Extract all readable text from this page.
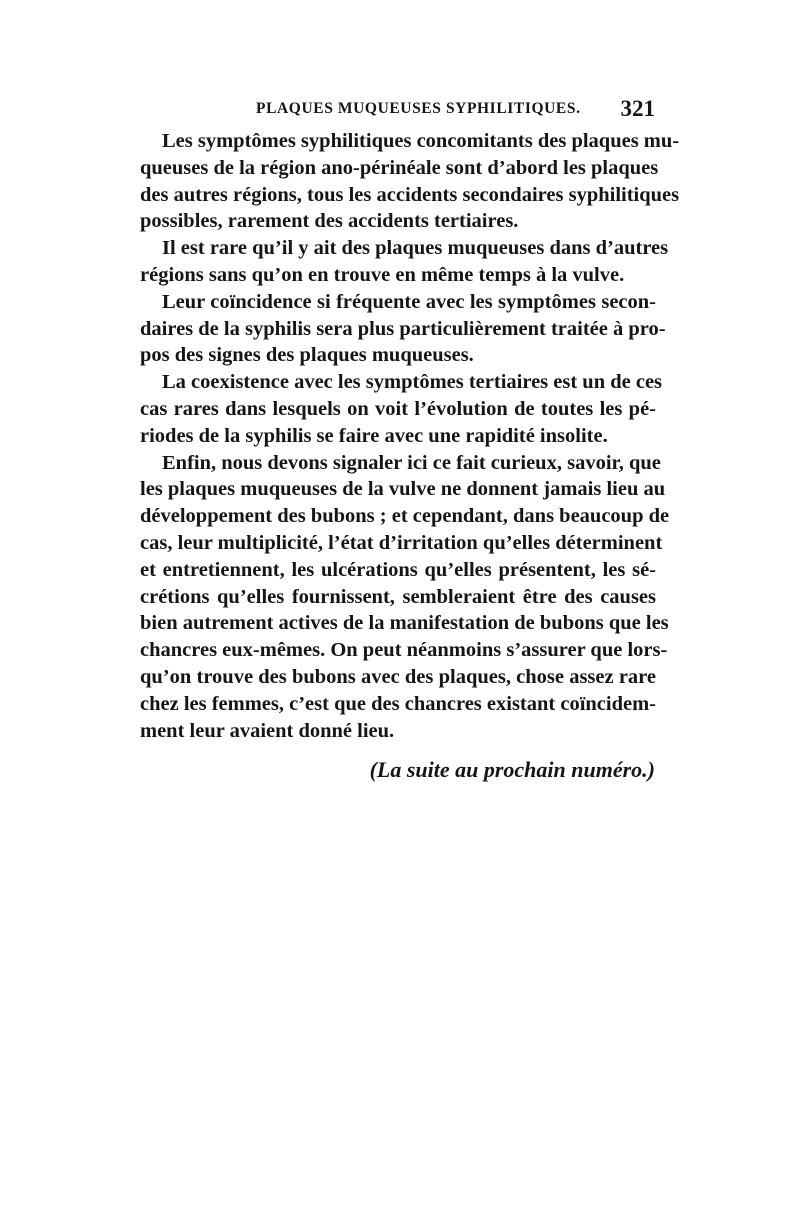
PLAQUES MUQUEUSES SYPHILITIQUES. 321
Les symptômes syphilitiques concomitants des plaques mu-
queuses de la région ano-périnéale sont d’abord les plaques
des autres régions, tous les accidents secondaires syphilitiques
possibles, rarement des accidents tertiaires.
Il est rare qu’il y ait des plaques muqueuses dans d’autres
régions sans qu’on en trouve en même temps à la vulve.
Leur coïncidence si fréquente avec les symptômes secon-
daires de la syphilis sera plus particulièrement traitée à pro-
pos des signes des plaques muqueuses.
La coexistence avec les symptômes tertiaires est un de ces
cas rares dans lesquels on voit l’évolution de toutes les pé-
riodes de la syphilis se faire avec une rapidité insolite.
Enfin, nous devons signaler ici ce fait curieux, savoir, que
les plaques muqueuses de la vulve ne donnent jamais lieu au
développement des bubons ; et cependant, dans beaucoup de
cas, leur multiplicité, l’état d’irritation qu’elles déterminent
et entretiennent, les ulcérations qu’elles présentent, les sé-
crétions qu’elles fournissent, sembleraient être des causes
bien autrement actives de la manifestation de bubons que les
chancres eux-mêmes. On peut néanmoins s’assurer que lors-
qu’on trouve des bubons avec des plaques, chose assez rare
chez les femmes, c’est que des chancres existant coïncidem-
ment leur avaient donné lieu.
(La suite au prochain numéro.)
